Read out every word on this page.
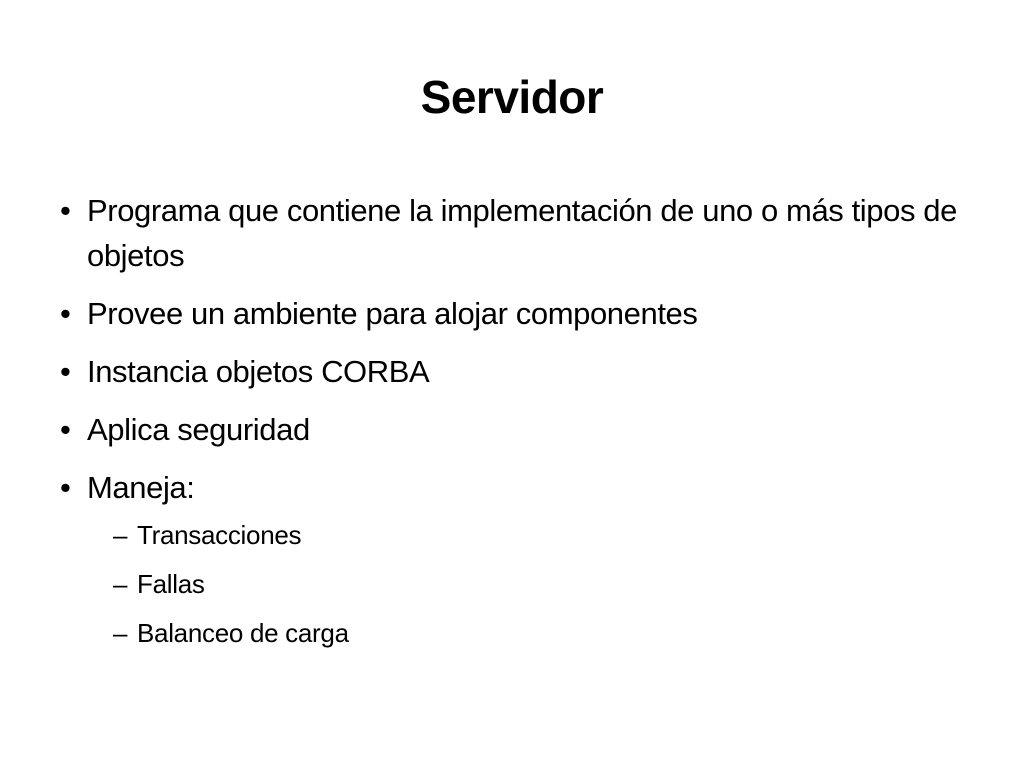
Servidor
• Programa que contiene la implementación de uno o más tipos de objetos
• Provee un ambiente para alojar componentes
• Instancia objetos CORBA
• Aplica seguridad
• Maneja:
– Transacciones
– Fallas
– Balanceo de carga
